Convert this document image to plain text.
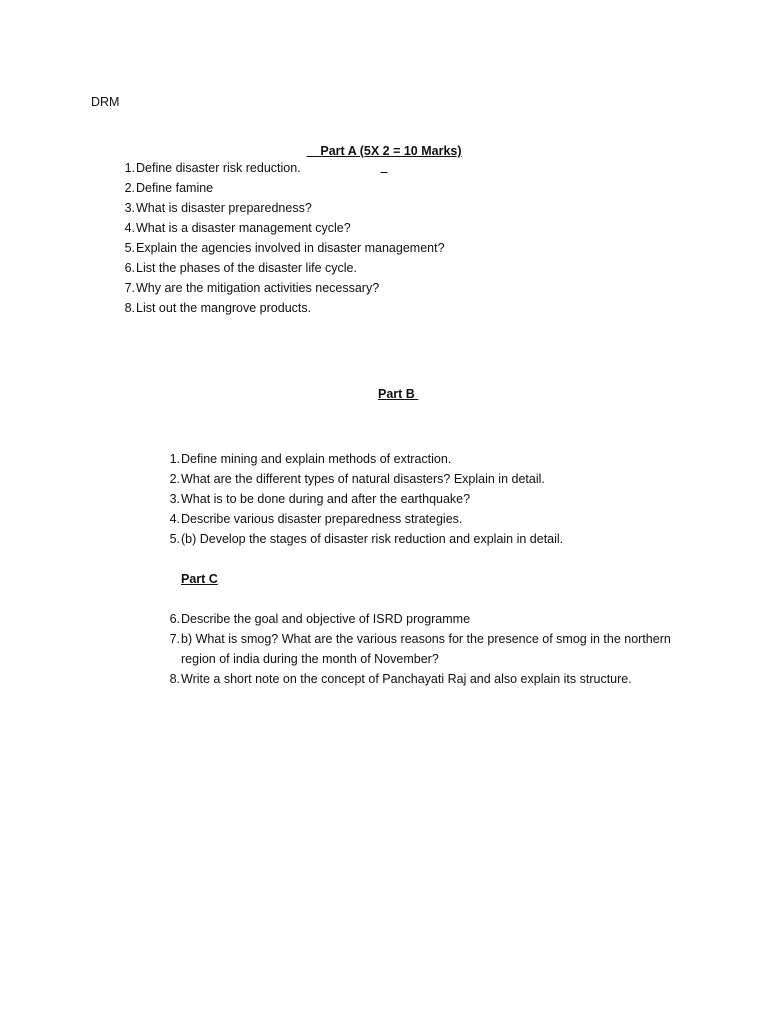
DRM

Part A (5X 2 = 10 Marks)

1. Define disaster risk reduction.
2. Define famine
3. What is disaster preparedness?
4. What is a disaster management cycle?
5. Explain the agencies involved in disaster management?
6. List the phases of the disaster life cycle.
7. Why are the mitigation activities necessary?
8. List out the mangrove products.
Part B
1. Define mining and explain methods of extraction.
2. What are the different types of natural disasters? Explain in detail.
3. What is to be done during and after the earthquake?
4. Describe various disaster preparedness strategies.
5. (b) Develop the stages of disaster risk reduction and explain in detail.
Part C
6. Describe the goal and objective of ISRD programme
7. b) What is smog? What are the various reasons for the presence of smog in the northern region of india during the month of November?
8. Write a short note on the concept of Panchayati Raj and also explain its structure.
